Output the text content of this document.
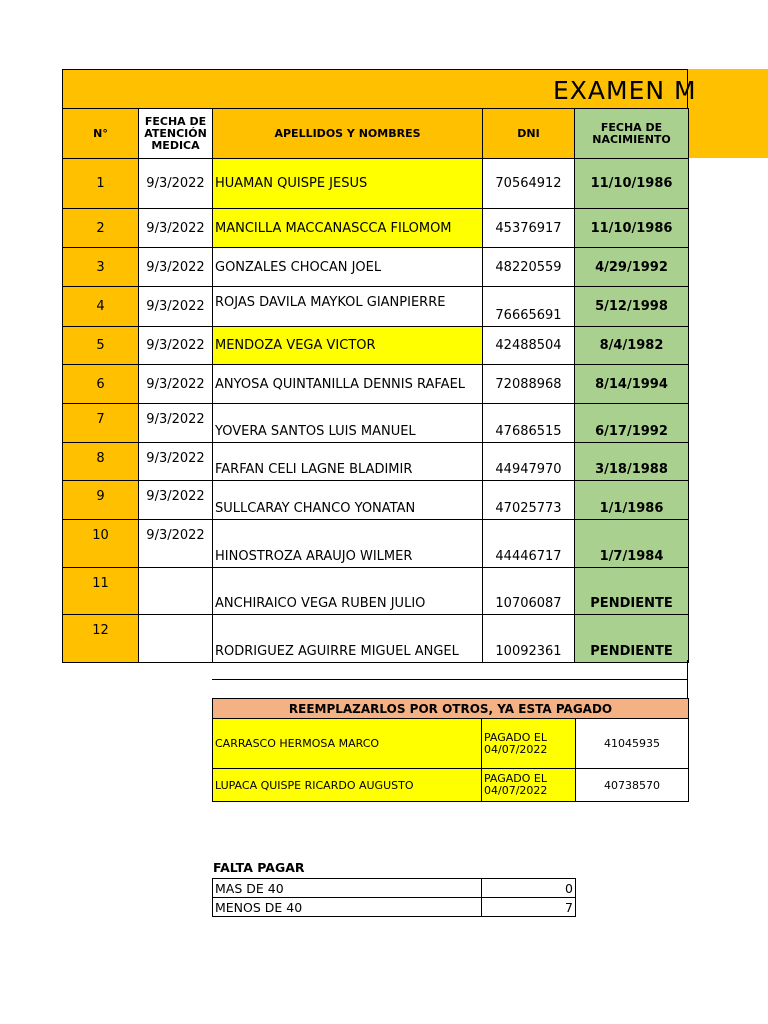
EXAMEN M
N°	FECHA DE ATENCIÓN MEDICA	APELLIDOS Y NOMBRES	DNI	FECHA DE NACIMIENTO
1	9/3/2022	HUAMAN QUISPE JESUS	70564912	11/10/1986
2	9/3/2022	MANCILLA MACCANASCCA FILOMOM	45376917	11/10/1986
3	9/3/2022	GONZALES CHOCAN JOEL	48220559	4/29/1992
4	9/3/2022	ROJAS DAVILA MAYKOL GIANPIERRE	76665691	5/12/1998
5	9/3/2022	MENDOZA VEGA VICTOR	42488504	8/4/1982
6	9/3/2022	ANYOSA QUINTANILLA DENNIS RAFAEL	72088968	8/14/1994
7	9/3/2022	YOVERA SANTOS LUIS MANUEL	47686515	6/17/1992
8	9/3/2022	FARFAN CELI LAGNE BLADIMIR	44947970	3/18/1988
9	9/3/2022	SULLCARAY CHANCO YONATAN	47025773	1/1/1986
10	9/3/2022	HINOSTROZA ARAUJO WILMER	44446717	1/7/1984
11		ANCHIRAICO VEGA RUBEN JULIO	10706087	PENDIENTE
12		RODRIGUEZ AGUIRRE MIGUEL ANGEL	10092361	PENDIENTE
REEMPLAZARLOS POR OTROS, YA ESTA PAGADO		
CARRASCO HERMOSA MARCO	PAGADO EL 04/07/2022	41045935
LUPACA QUISPE RICARDO AUGUSTO	PAGADO EL 04/07/2022	40738570
FALTA PAGAR
MAS DE 40	0
MENOS DE 40	7
